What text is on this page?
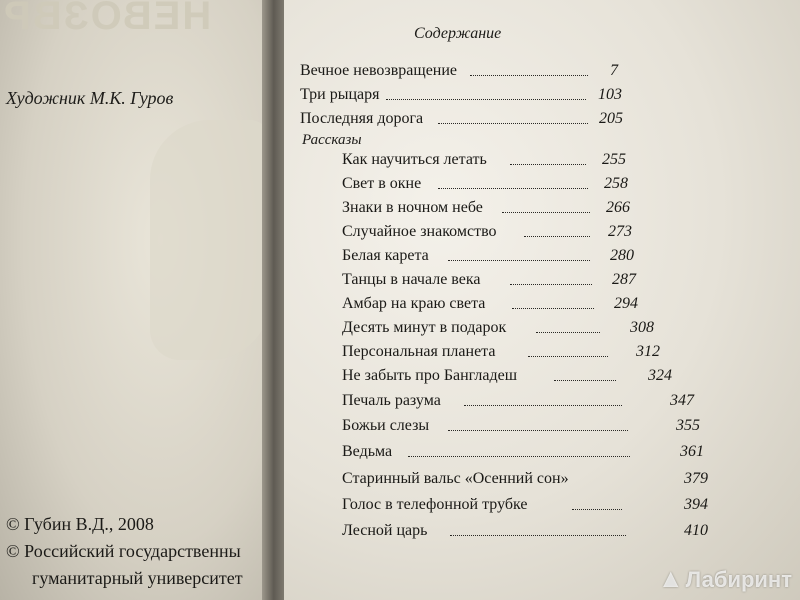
НЕВОЗВР
Художник М.К. Гуров
© Губин В.Д., 2008
© Российский государственны
гуманитарный университет
Содержание
Вечное невозвращение	7
Три рыцаря	103
Последняя дорога	205
Рассказы
Как научиться летать	255
Свет в окне	258
Знаки в ночном небе	266
Случайное знакомство	273
Белая карета	280
Танцы в начале века	287
Амбар на краю света	294
Десять минут в подарок	308
Персональная планета	312
Не забыть про Бангладеш	324
Печаль разума	347
Божьи слезы	355
Ведьма	361
Старинный вальс «Осенний сон»	379
Голос в телефонной трубке	394
Лесной царь	410
▲Лабиринт
